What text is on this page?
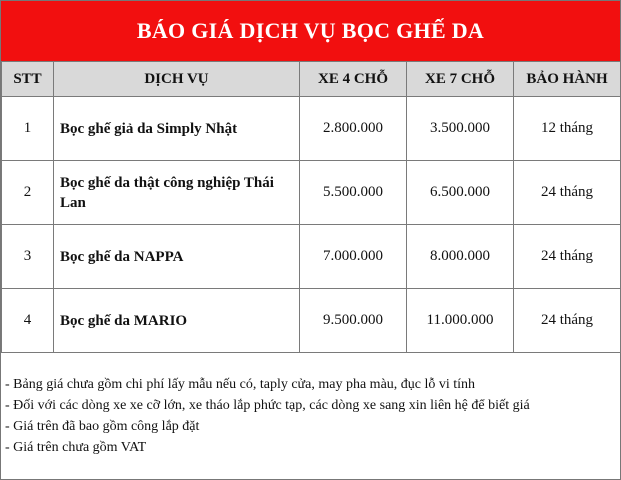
BÁO GIÁ DỊCH VỤ BỌC GHẾ DA
STT	DỊCH VỤ	XE 4 CHỖ	XE 7 CHỖ	BẢO HÀNH
1	Bọc ghế giả da Simply Nhật	2.800.000	3.500.000	12 tháng
2	Bọc ghế da thật công nghiệp Thái Lan	5.500.000	6.500.000	24 tháng
3	Bọc ghế da NAPPA	7.000.000	8.000.000	24 tháng
4	Bọc ghế da MARIO	9.500.000	11.000.000	24 tháng
- Bảng giá chưa gồm chi phí lấy mẫu nếu có, taply cửa, may pha màu, đục lỗ vi tính
- Đối với các dòng xe xe cỡ lớn, xe tháo lắp phức tạp, các dòng xe sang xin liên hệ để biết giá
- Giá trên đã bao gồm công lắp đặt
- Giá trên chưa gồm VAT
